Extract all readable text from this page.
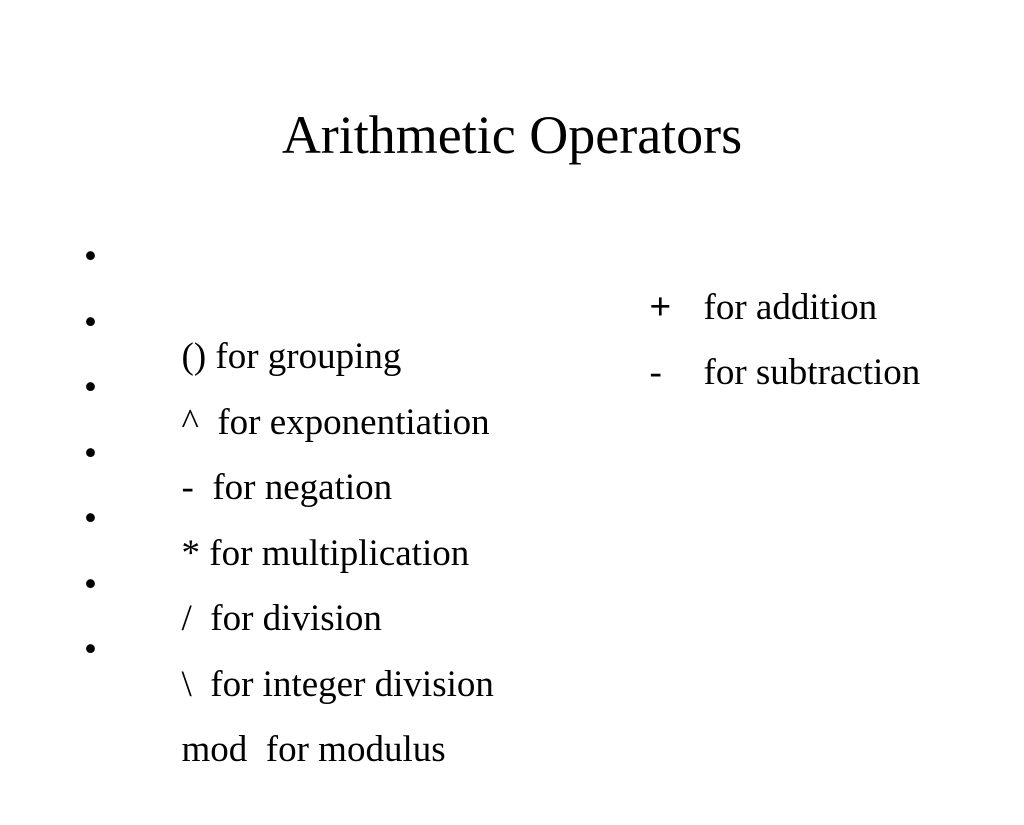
Arithmetic Operators

•

() for grouping

•

^  for exponentiation

•

-  for negation

•

* for multiplication

•

/  for division

•

\  for integer division

•

mod  for modulus

+ for addition

- for subtraction
